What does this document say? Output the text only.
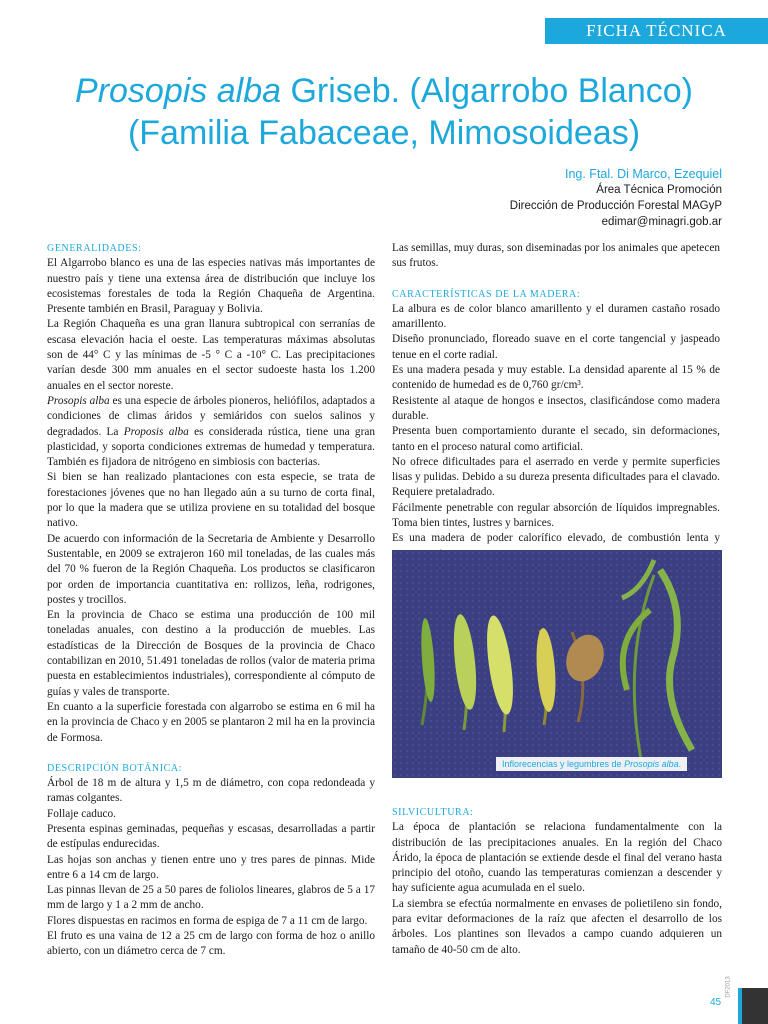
FICHA TÉCNICA
Prosopis alba Griseb. (Algarrobo Blanco)
(Familia Fabaceae, Mimosoideas)
Ing. Ftal. Di Marco, Ezequiel
Área Técnica Promoción
Dirección de Producción Forestal MAGyP
edimar@minagri.gob.ar

GENERALIDADES:

El Algarrobo blanco es una de las especies nativas más importantes de nuestro país y tiene una extensa área de distribución que incluye los ecosistemas forestales de toda la Región Chaqueña de Argentina. Presente también en Brasil, Paraguay y Bolivia.

La Región Chaqueña es una gran llanura subtropical con serranías de escasa elevación hacia el oeste. Las temperaturas máximas absolutas son de 44° C y las mínimas de -5 ° C a -10° C. Las precipitaciones varían desde 300 mm anuales en el sector sudoeste hasta los 1.200 anuales en el sector noreste.

Prosopis alba es una especie de árboles pioneros, heliófilos, adaptados a condiciones de climas áridos y semiáridos con suelos salinos y degradados. La Proposis alba es considerada rústica, tiene una gran plasticidad, y soporta condiciones extremas de humedad y temperatura. También es fijadora de nitrógeno en simbiosis con bacterias.

Si bien se han realizado plantaciones con esta especie, se trata de forestaciones jóvenes que no han llegado aún a su turno de corta final, por lo que la madera que se utiliza proviene en su totalidad del bosque nativo.

De acuerdo con información de la Secretaria de Ambiente y Desarrollo Sustentable, en 2009 se extrajeron 160 mil toneladas, de las cuales más del 70 % fueron de la Región Chaqueña. Los productos se clasificaron por orden de importancia cuantitativa en: rollizos, leña, rodrigones, postes y trocillos.

En la provincia de Chaco se estima una producción de 100 mil toneladas anuales, con destino a la producción de muebles. Las estadísticas de la Dirección de Bosques de la provincia de Chaco contabilizan en 2010, 51.491 toneladas de rollos (valor de materia prima puesta en establecimientos industriales), correspondiente al cómputo de guías y vales de transporte.

En cuanto a la superficie forestada con algarrobo se estima en 6 mil ha en la provincia de Chaco y en 2005 se plantaron 2 mil ha en la provincia de Formosa.

DESCRIPCIÓN BOTÁNICA:

Árbol de 18 m de altura y 1,5 m de diámetro, con copa redondeada y ramas colgantes.

Follaje caduco.

Presenta espinas geminadas, pequeñas y escasas, desarrolladas a partir de estípulas endurecidas.

Las hojas son anchas y tienen entre uno y tres pares de pinnas. Mide entre 6 a 14 cm de largo.

Las pinnas llevan de 25 a 50 pares de foliolos lineares, glabros de 5 a 17 mm de largo y 1 a 2 mm de ancho.

Flores dispuestas en racimos en forma de espiga de 7 a 11 cm de largo.

El fruto es una vaina de 12 a 25 cm de largo con forma de hoz o anillo abierto, con un diámetro cerca de 7 cm.

Las semillas, muy duras, son diseminadas por los animales que apetecen sus frutos.

CARACTERÍSTICAS DE LA MADERA:

La albura es de color blanco amarillento y el duramen castaño rosado amarillento.

Diseño pronunciado, floreado suave en el corte tangencial y jaspeado tenue en el corte radial.

Es una madera pesada y muy estable. La densidad aparente al 15 % de contenido de humedad es de 0,760 gr/cm³.

Resistente al ataque de hongos e insectos, clasificándose como madera durable.

Presenta buen comportamiento durante el secado, sin deformaciones, tanto en el proceso natural como artificial.

No ofrece dificultades para el aserrado en verde y permite superficies lisas y pulidas. Debido a su dureza presenta dificultades para el clavado. Requiere pretaladrado.

Fácilmente penetrable con regular absorción de líquidos impregnables. Toma bien tintes, lustres y barnices.

Es una madera de poder calorífico elevado, de combustión lenta y

Inflorecencias y legumbres de Prosopis alba.

SILVICULTURA:

La época de plantación se relaciona fundamentalmente con la distribución de las precipitaciones anuales. En la región del Chaco Árido, la época de plantación se extiende desde el final del verano hasta principio del otoño, cuando las temperaturas comienzan a descender y hay suficiente agua acumulada en el suelo.

La siembra se efectúa normalmente en envases de polietileno sin fondo, para evitar deformaciones de la raíz que afecten el desarrollo de los árboles. Los plantines son llevados a campo cuando adquieren un tamaño de 40-50 cm de alto.

DF2013
45
